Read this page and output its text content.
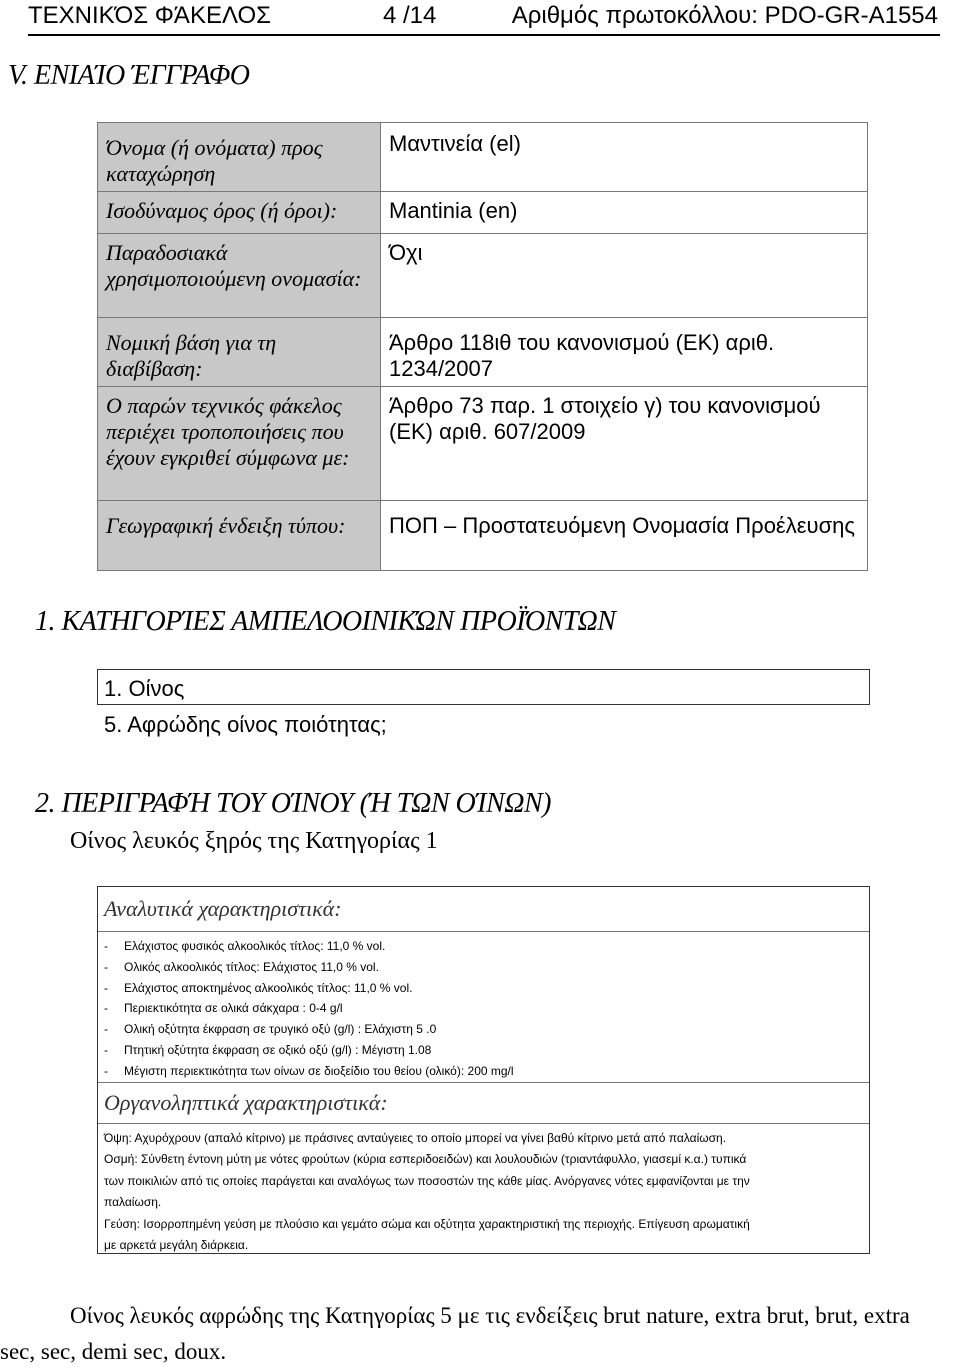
ΤΕΧΝΙΚΌΣ ΦΆΚΕΛΟΣ	4 /14	Αριθμός πρωτοκόλλου: PDO-GR-A1554
V. ΕΝΙΑΊΟ ΈΓΓΡΑΦΟ
Όνομα (ή ονόματα) προς καταχώρηση	Μαντινεία (el)
Ισοδύναμος όρος (ή όροι):	Mantinia (en)
Παραδοσιακά χρησιμοποιούμενη ονομασία:	Όχι
Νομική βάση για τη διαβίβαση:	Άρθρο 118ιθ του κανονισμού (ΕΚ) αριθ. 1234/2007
Ο παρών τεχνικός φάκελος περιέχει τροποποιήσεις που έχουν εγκριθεί σύμφωνα με:	Άρθρο 73 παρ. 1 στοιχείο γ) του κανονισμού (ΕΚ) αριθ. 607/2009
Γεωγραφική ένδειξη τύπου:	ΠΟΠ – Προστατευόμενη Ονομασία Προέλευσης
1. ΚΑΤΗΓΟΡΊΕΣ ΑΜΠΕΛΟΟΙΝΙΚΏΝ ΠΡΟΪΌΝΤΩΝ
1. Οίνος
5. Αφρώδης οίνος ποιότητας;
2. ΠΕΡΙΓΡΑΦΉ ΤΟΥ ΟΊΝΟΥ (Ή ΤΩΝ ΟΊΝΩΝ)
Οίνος λευκός ξηρός της Κατηγορίας 1
Αναλυτικά χαρακτηριστικά:
- Ελάχιστος φυσικός αλκοολικός τίτλος: 11,0 % vol.
- Ολικός αλκοολικός τίτλος: Ελάχιστος 11,0 % vol.
- Ελάχιστος αποκτημένος αλκοολικός τίτλος: 11,0 % vol.
- Περιεκτικότητα σε ολικά σάκχαρα : 0-4 g/l
- Ολική οξύτητα έκφραση σε τρυγικό οξύ (g/l) : Ελάχιστη 5 .0
- Πτητική οξύτητα έκφραση σε οξικό οξύ (g/l) : Μέγιστη 1.08
- Μέγιστη περιεκτικότητα των οίνων σε διοξείδιο του θείου (ολικό): 200 mg/l
Οργανοληπτικά χαρακτηριστικά:
Όψη: Αχυρόχρουν (απαλό κίτρινο) με πράσινες ανταύγειες το οποίο μπορεί να γίνει βαθύ κίτρινο μετά από παλαίωση.
Οσμή: Σύνθετη έντονη μύτη με νότες φρούτων (κύρια εσπεριδοειδών) και λουλουδιών (τριαντάφυλλο, γιασεμί κ.α.) τυπικά
των ποικιλιών από τις οποίες παράγεται και αναλόγως των ποσοστών της κάθε μίας. Ανόργανες νότες εμφανίζονται με την
παλαίωση.
Γεύση: Ισορροπημένη γεύση με πλούσιο και γεμάτο σώμα και οξύτητα χαρακτηριστική της περιοχής. Επίγευση αρωματική
με αρκετά μεγάλη διάρκεια.
Οίνος λευκός αφρώδης της Κατηγορίας 5 με τις ενδείξεις brut nature, extra brut, brut, extra
sec, sec, demi sec, doux.
